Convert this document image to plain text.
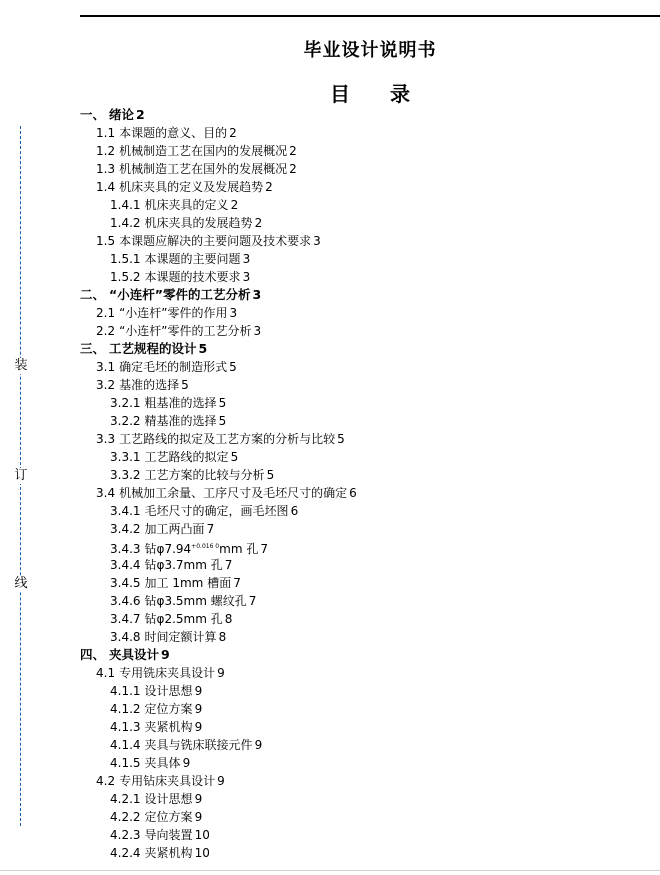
毕业设计说明书
目 录
装
订
线
一、 绪论 2
1.1 本课题的意义、目的 2
1.2 机械制造工艺在国内的发展概况 2
1.3 机械制造工艺在国外的发展概况 2
1.4 机床夹具的定义及发展趋势 2
1.4.1 机床夹具的定义 2
1.4.2 机床夹具的发展趋势 2
1.5 本课题应解决的主要问题及技术要求 3
1.5.1 本课题的主要问题 3
1.5.2 本课题的技术要求 3
二、 “小连杆”零件的工艺分析 3
2.1 “小连杆”零件的作用 3
2.2 “小连杆”零件的工艺分析 3
三、 工艺规程的设计 5
3.1 确定毛坯的制造形式 5
3.2 基准的选择 5
3.2.1 粗基准的选择 5
3.2.2 精基准的选择 5
3.3 工艺路线的拟定及工艺方案的分析与比较 5
3.3.1 工艺路线的拟定 5
3.3.2 工艺方案的比较与分析 5
3.4 机械加工余量、工序尺寸及毛坯尺寸的确定 6
3.4.1 毛坯尺寸的确定，画毛坯图 6
3.4.2 加工两凸面 7
3.4.3 钻$\varphi 7.94^{+0.016 0}mm$ 孔 7
3.4.4 钻φ3.7mm 孔 7
3.4.5 加工 1mm 槽面 7
3.4.6 钻φ3.5mm 螺纹孔 7
3.4.7 钻φ2.5mm 孔 8
3.4.8 时间定额计算 8
四、 夹具设计 9
4.1 专用铣床夹具设计 9
4.1.1 设计思想 9
4.1.2 定位方案 9
4.1.3 夹紧机构 9
4.1.4 夹具与铣床联接元件 9
4.1.5 夹具体 9
4.2 专用钻床夹具设计 9
4.2.1 设计思想 9
4.2.2 定位方案 9
4.2.3 导向装置 10
4.2.4 夹紧机构 10
